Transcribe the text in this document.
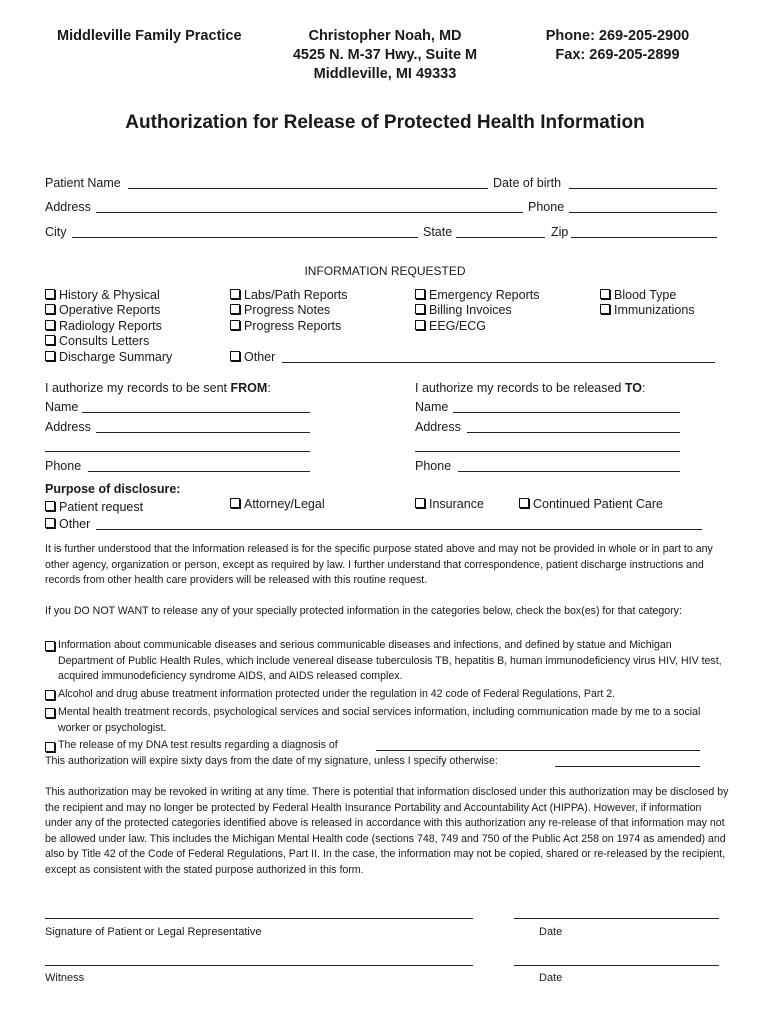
Middleville Family Practice	Christopher Noah, MD
4525 N. M-37 Hwy., Suite M
Middleville, MI 49333
Phone: 269-205-2900
Fax: 269-205-2899
Authorization for Release of Protected Health Information
Patient Name	Date of birth
Address	Phone
City	State	Zip
INFORMATION REQUESTED
History & Physical
Operative Reports
Radiology Reports
Consults Letters
Discharge Summary
Labs/Path Reports
Progress Notes
Progress Reports
Other
Emergency Reports
Billing Invoices
EEG/ECG
Blood Type
Immunizations
I authorize my records to be sent FROM:
Name
Address
Phone
I authorize my records to be released TO:
Name
Address
Phone
Purpose of disclosure:
Patient request	Attorney/Legal	Insurance	Continued Patient Care
Other
It is further understood that the information released is for the specific purpose stated above and may not be provided in whole or in part to any other agency, organization or person, except as required by law. I further understand that correspondence, patient discharge instructions and records from other health care providers will be released with this routine request.
If you DO NOT WANT to release any of your specially protected information in the categories below, check the box(es) for that category:
Information about communicable diseases and serious communicable diseases and infections, and defined by statue and Michigan Department of Public Health Rules, which include venereal disease tuberculosis TB, hepatitis B, human immunodeficiency virus HIV, HIV test, acquired immunodeficiency syndrome AIDS, and AIDS released complex.
Alcohol and drug abuse treatment information protected under the regulation in 42 code of Federal Regulations, Part 2.
Mental health treatment records, psychological services and social services information, including communication made by me to a social worker or psychologist.
The release of my DNA test results regarding a diagnosis of
This authorization will expire sixty days from the date of my signature, unless I specify otherwise:
This authorization may be revoked in writing at any time. There is potential that information disclosed under this authorization may be disclosed by the recipient and may no longer be protected by Federal Health Insurance Portability and Accountability Act (HIPPA). However, if information under any of the protected categories identified above is released in accordance with this authorization any re-release of that information may not be allowed under law. This includes the Michigan Mental Health code (sections 748, 749 and 750 of the Public Act 258 on 1974 as amended) and also by Title 42 of the Code of Federal Regulations, Part II. In the case, the information may not be copied, shared or re-released by the recipient, except as consistent with the stated purpose authorized in this form.
Signature of Patient or Legal Representative	Date
Witness	Date
